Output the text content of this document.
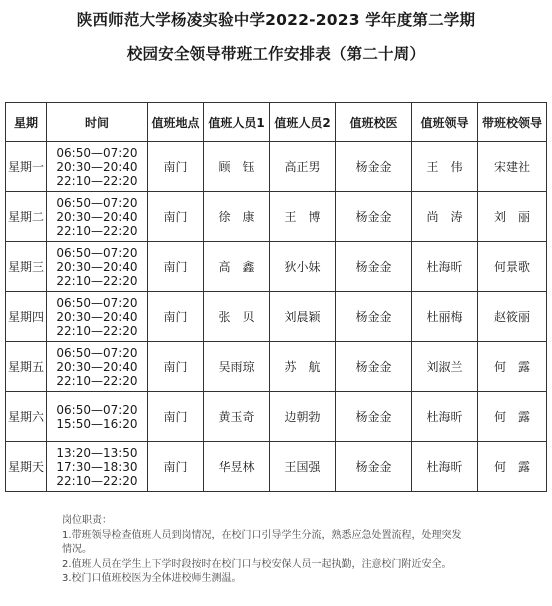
陕西师范大学杨凌实验中学2022-2023 学年度第二学期
校园安全领导带班工作安排表（第二十周）
星期	时间	值班地点	值班人员1	值班人员2	值班校医	值班领导	带班校领导
星期一	06:50—07:20
20:30—20:40
22:10—22:20	南门	顾　钰	高正男	杨金金	王　伟	宋建社
星期二	06:50—07:20
20:30—20:40
22:10—22:20	南门	徐　康	王　博	杨金金	尚　涛	刘　丽
星期三	06:50—07:20
20:30—20:40
22:10—22:20	南门	高　鑫	狄小妹	杨金金	杜海昕	何景歌
星期四	06:50—07:20
20:30—20:40
22:10—22:20	南门	张　贝	刘晨颖	杨金金	杜丽梅	赵筱丽
星期五	06:50—07:20
20:30—20:40
22:10—22:20	南门	吴雨琼	苏　航	杨金金	刘淑兰	何　露
星期六	06:50—07:20
15:50—16:20	南门	黄玉奇	边朝勃	杨金金	杜海昕	何　露
星期天	13:20—13:50
17:30—18:30
22:10—22:20	南门	华昱林	王国强	杨金金	杜海昕	何　露
岗位职责：
1.带班领导检查值班人员到岗情况，在校门口引导学生分流，熟悉应急处置流程，处理突发
情况。
2.值班人员在学生上下学时段按时在校门口与校安保人员一起执勤，注意校门附近安全。
3.校门口值班校医为全体进校师生测温。
